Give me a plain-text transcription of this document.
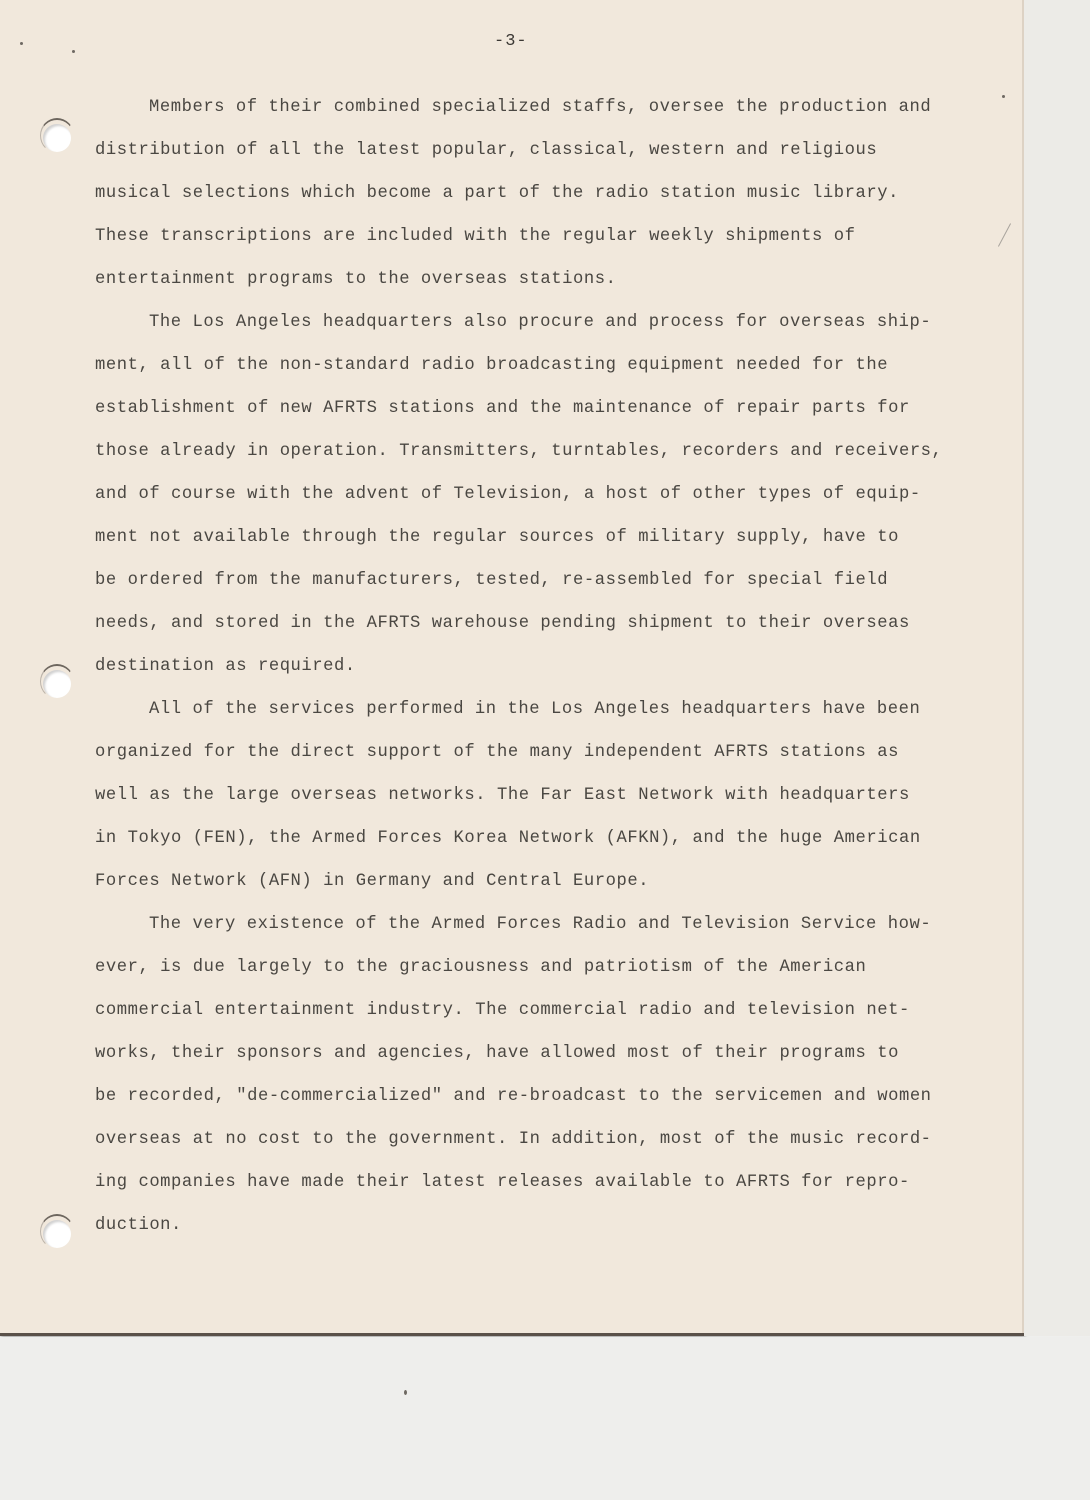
-3-
Members of their combined specialized staffs, oversee the production and
distribution of all the latest popular, classical, western and religious
musical selections which become a part of the radio station music library.
These transcriptions are included with the regular weekly shipments of
entertainment programs to the overseas stations.
The Los Angeles headquarters also procure and process for overseas ship-
ment, all of the non-standard radio broadcasting equipment needed for the
establishment of new AFRTS stations and the maintenance of repair parts for
those already in operation. Transmitters, turntables, recorders and receivers,
and of course with the advent of Television, a host of other types of equip-
ment not available through the regular sources of military supply, have to
be ordered from the manufacturers, tested, re-assembled for special field
needs, and stored in the AFRTS warehouse pending shipment to their overseas
destination as required.
All of the services performed in the Los Angeles headquarters have been
organized for the direct support of the many independent AFRTS stations as
well as the large overseas networks. The Far East Network with headquarters
in Tokyo (FEN), the Armed Forces Korea Network (AFKN), and the huge American
Forces Network (AFN) in Germany and Central Europe.
The very existence of the Armed Forces Radio and Television Service how-
ever, is due largely to the graciousness and patriotism of the American
commercial entertainment industry. The commercial radio and television net-
works, their sponsors and agencies, have allowed most of their programs to
be recorded, "de-commercialized" and re-broadcast to the servicemen and women
overseas at no cost to the government. In addition, most of the music record-
ing companies have made their latest releases available to AFRTS for repro-
duction.
